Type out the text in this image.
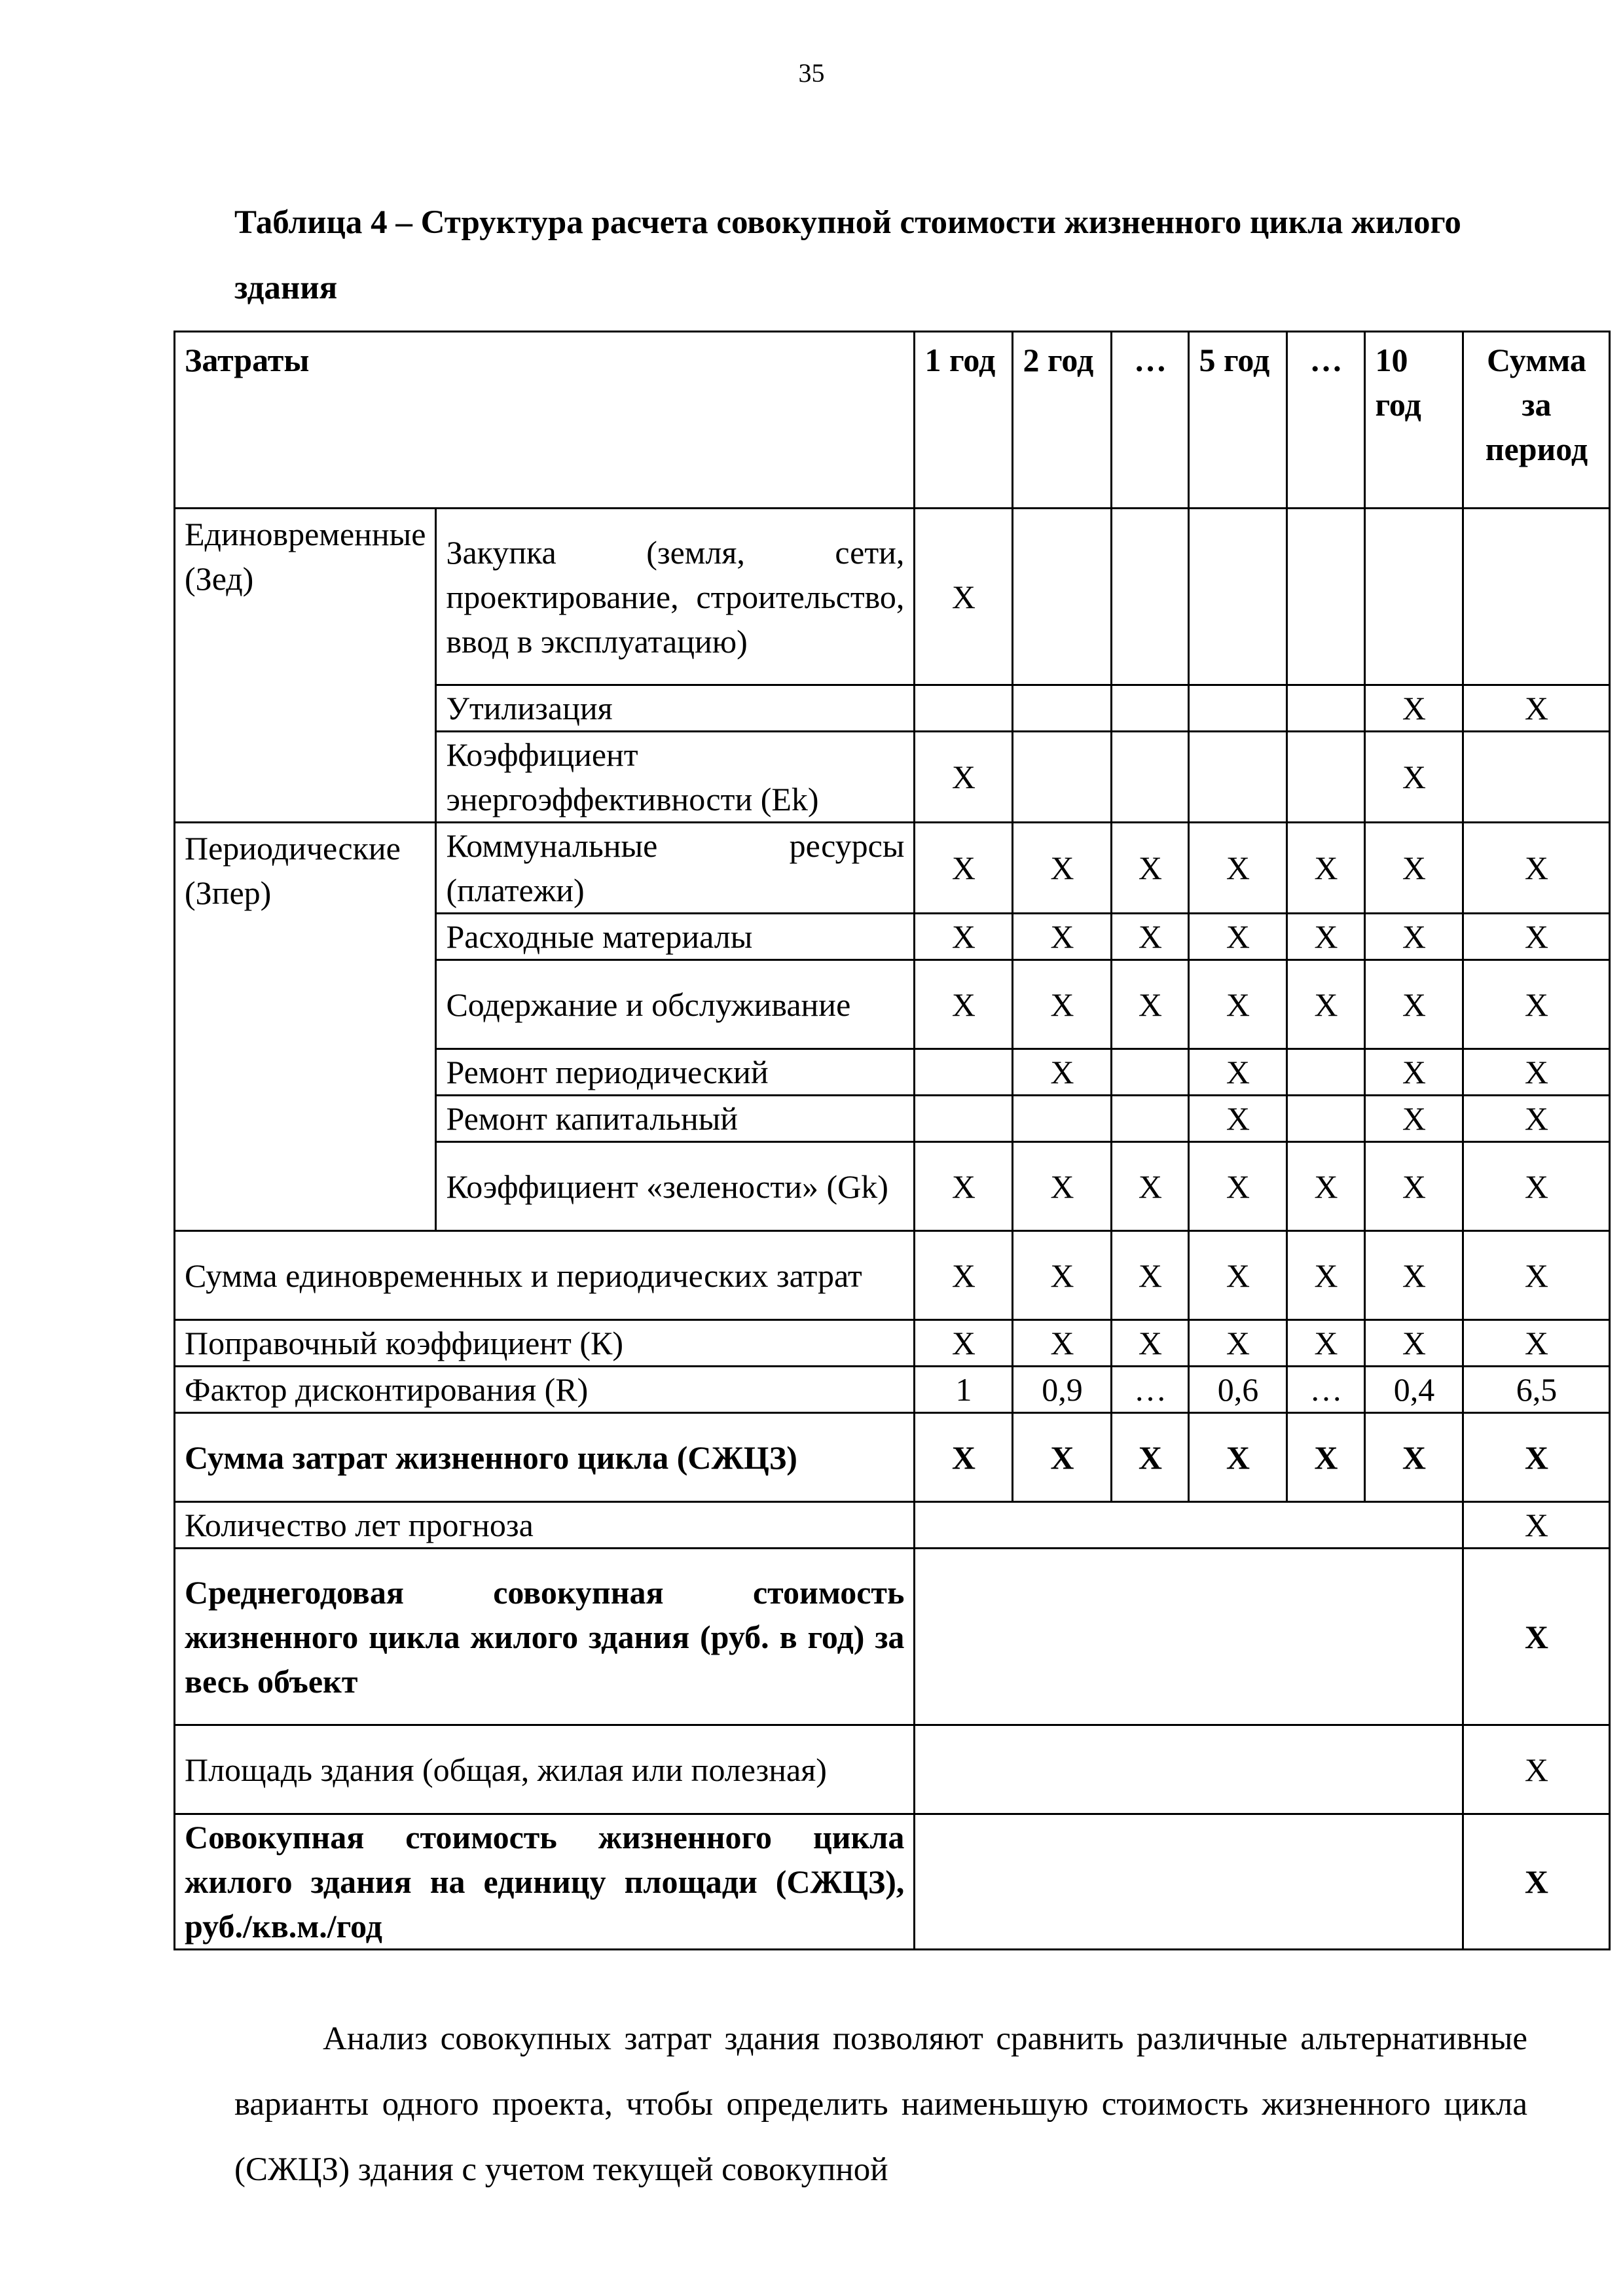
35
Таблица 4 – Структура расчета совокупной стоимости жизненного цикла жилого здания
Затраты		1 год	2 год	…	5 год	…	10 год	Сумма за период
Единовременные (Зед)	Закупка (земля, сети, проектирование, строительство, ввод в эксплуатацию)	X						
	Утилизация						X	X
	Коэффициент энергоэффективности (Ek)	X					X	
Периодические (Зпер)	Коммунальные ресурсы (платежи)	X	X	X	X	X	X	X
	Расходные материалы	X	X	X	X	X	X	X
	Содержание и обслуживание	X	X	X	X	X	X	X
	Ремонт периодический		X		X		X	X
	Ремонт капитальный				X		X	X
	Коэффициент «зелености» (Gk)	X	X	X	X	X	X	X
Сумма единовременных и периодических затрат		X	X	X	X	X	X	X
Поправочный коэффициент (К)		X	X	X	X	X	X	X
Фактор дисконтирования (R)		1	0,9	…	0,6	…	0,4	6,5
Сумма затрат жизненного цикла (СЖЦЗ)		X	X	X	X	X	X	X
Количество лет прогноза								X
Среднегодовая совокупная стоимость жизненного цикла жилого здания (руб. в год) за весь объект								X
Площадь здания (общая, жилая или полезная)								X
Совокупная стоимость жизненного цикла жилого здания на единицу площади (СЖЦЗ), руб./кв.м./год								X
Анализ совокупных затрат здания позволяют сравнить различные альтернативные варианты одного проекта, чтобы определить наименьшую стоимость жизненного цикла (СЖЦЗ) здания с учетом текущей совокупной
